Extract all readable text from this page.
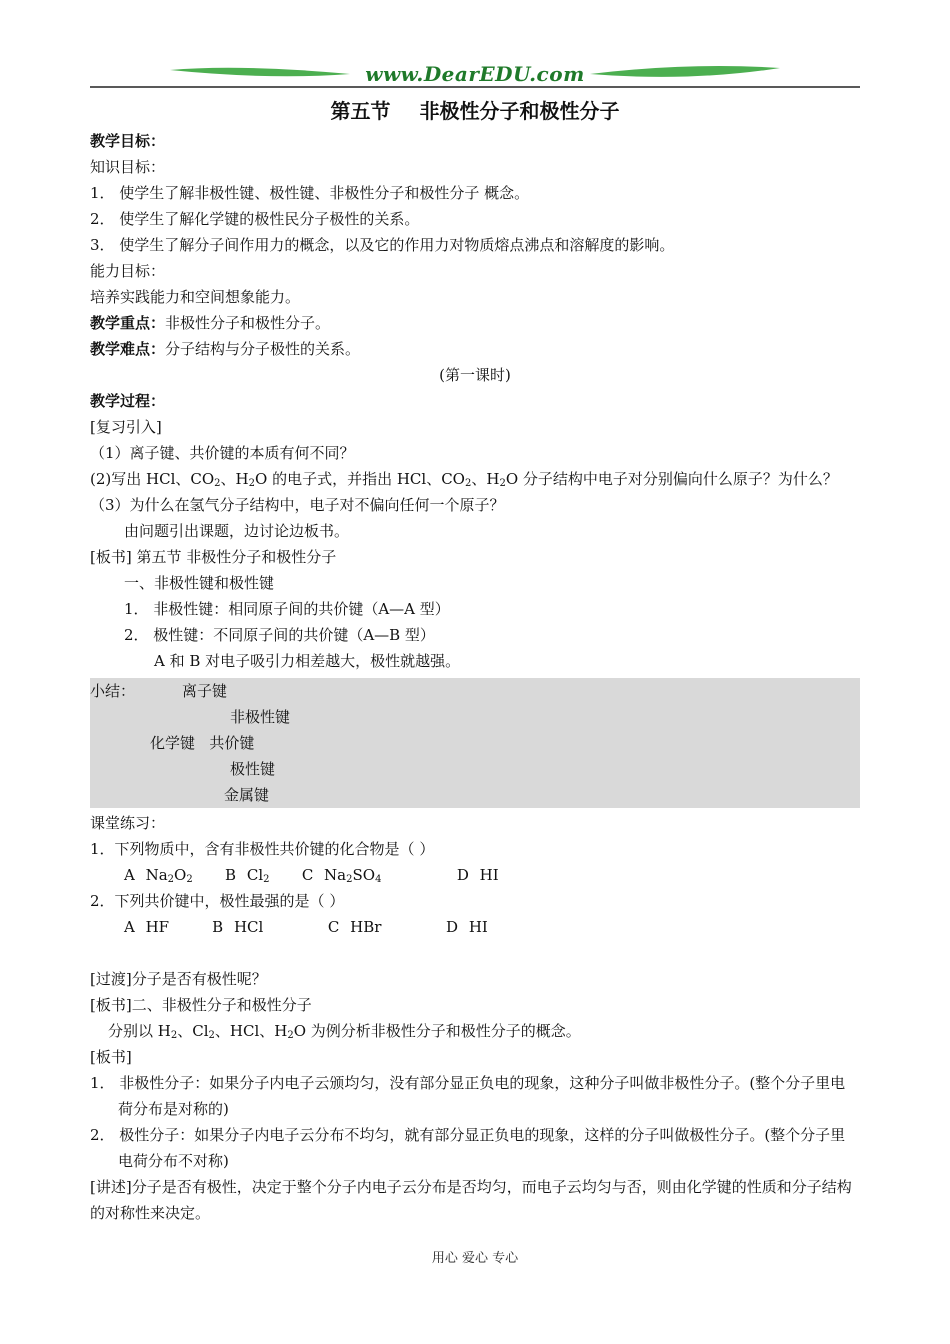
www.DearEDU.com
第五节 非极性分子和极性分子
教学目标：
知识目标：
1． 使学生了解非极性键、极性键、非极性分子和极性分子 概念。
2． 使学生了解化学键的极性民分子极性的关系。
3． 使学生了解分子间作用力的概念，以及它的作用力对物质熔点沸点和溶解度的影响。
能力目标：
培养实践能力和空间想象能力。
教学重点：非极性分子和极性分子。
教学难点：分子结构与分子极性的关系。
(第一课时)
教学过程：
[复习引入]
（1）离子键、共价键的本质有何不同？
(2)写出 HCl、$CO_2$、$H_2O$ 的电子式，并指出 HCl、$CO_2$、$H_2O$ 分子结构中电子对分别偏向什么原子？为什么？
（3）为什么在氢气分子结构中，电子对不偏向任何一个原子？
由问题引出课题，边讨论边板书。
[板书] 第五节 非极性分子和极性分子
一、非极性键和极性键
1． 非极性键：相同原子间的共价键（A—A 型）
2． 极性键：不同原子间的共价键（A—B 型）
A 和 B 对电子吸引力相差越大，极性就越强。
小结：	离子键
非极性键
化学键 共价键
极性键
金属键
课堂练习：
1．下列物质中，含有非极性共价键的化合物是（ ）
A $Na_2O_2$ B $Cl_2$ C $Na_2SO_4$	D HI
2．下列共价键中，极性最强的是（ ）
A HF    B HCl      C HBr      D HI
[过渡]分子是否有极性呢？
[板书]二、非极性分子和极性分子
分别以 $H_2$、$Cl_2$、HCl、$H_2O$ 为例分析非极性分子和极性分子的概念。
[板书]
1． 非极性分子：如果分子内电子云颁均匀，没有部分显正负电的现象，这种分子叫做非极性分子。(整个分子里电荷分布是对称的)
2． 极性分子：如果分子内电子云分布不均匀，就有部分显正负电的现象，这样的分子叫做极性分子。(整个分子里电荷分布不对称)
[讲述]分子是否有极性，决定于整个分子内电子云分布是否均匀，而电子云均匀与否，则由化学键的性质和分子结构的对称性来决定。
用心 爱心 专心
